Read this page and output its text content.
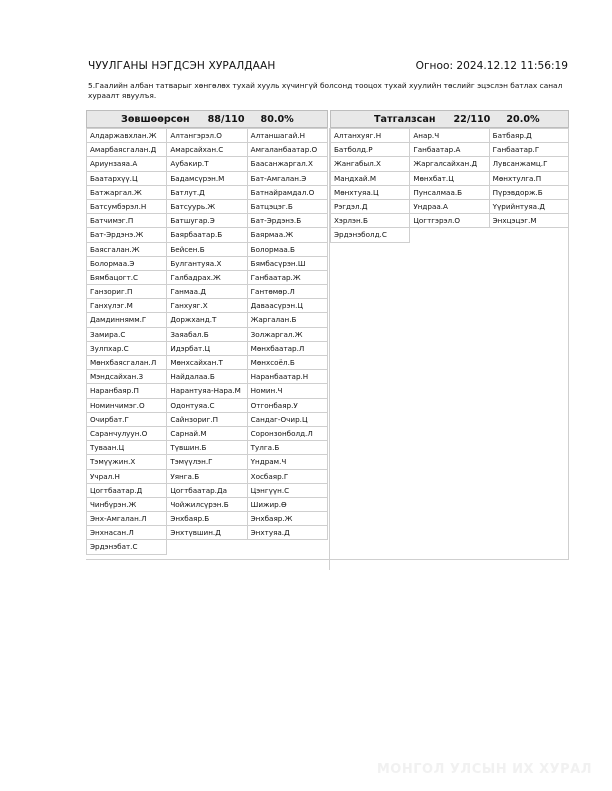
ЧУУЛГАНЫ НЭГДСЭН ХУРАЛДААН	Огноо: 2024.12.12 11:56:19
5.Гаалийн албан татварыг хөнгөлөх тухай хууль хүчингүй болсонд тооцох тухай хуулийн төслийг эцэслэн батлах санал хураалт явуулъя.
Зөвшөөрсөн 88/110 80.0%
Алдаржавхлан.Ж	Алтангэрэл.О	Алтаншагай.Н
Амарбаясгалан.Д	Амарсайхан.С	Амгаланбаатар.О
Ариунзаяа.А	Аубакир.Т	Баасанжаргал.Х
Баатархүү.Ц	Бадамсүрэн.М	Бат-Амгалан.Э
Батжаргал.Ж	Батлут.Д	Батнайрамдал.О
Батсумбэрэл.Н	Батсуурь.Ж	Батцэцэг.Б
Батчимэг.П	Батшугар.Э	Бат-Эрдэнэ.Б
Бат-Эрдэнэ.Ж	Баярбаатар.Б	Баярмаа.Ж
Баясгалан.Ж	Бейсен.Б	Болормаа.Б
Болормаа.Э	Булгантуяа.Х	Бямбасүрэн.Ш
Бямбацогт.С	Галбадрах.Ж	Ганбаатар.Ж
Ганзориг.П	Ганмаа.Д	Гантөмөр.Л
Ганхүлэг.М	Ганхуяг.Х	Даваасүрэн.Ц
Дамдиннямм.Г	Доржханд.Т	Жаргалан.Б
Замира.С	Заяабал.Б	Золжаргал.Ж
Зулпхар.С	Идэрбат.Ц	Мөнхбаатар.Л
Мөнхбаясгалан.Л	Мөнхсайхан.Т	Мөнхсоёл.Б
Мэндсайхан.З	Найдалаа.Б	Наранбаатар.Н
Наранбаяр.П	Нарантуяа-Нара.М	Номин.Ч
Номинчимэг.О	Одонтуяа.С	Отгонбаяр.У
Очирбат.Г	Сайнзориг.П	Сандаг-Очир.Ц
Саранчулуун.О	Сарнай.М	Соронзонболд.Л
Туваан.Ц	Түвшин.Б	Тулга.Б
Тэмүүжин.Х	Тэмүүлэн.Г	Үндрам.Ч
Учрал.Н	Уянга.Б	Хосбаяр.Г
Цогтбаатар.Д	Цогтбаатар.Да	Цэнгүүн.С
Чинбүрэн.Ж	Чойжилсүрэн.Б	Шижир.Ө
Энх-Амгалан.Л	Энхбаяр.Б	Энхбаяр.Ж
Энхнасан.Л	Энхтүвшин.Д	Энхтуяа.Д
Эрдэнэбат.С
Татгалзсан 22/110 20.0%
Алтанхуяг.Н	Анар.Ч	Батбаяр.Д
Батболд.Р	Ганбаатар.А	Ганбаатар.Г
Жангабыл.Х	Жаргалсайхан.Д	Лувсанжамц.Г
Мандхай.М	Мөнхбат.Ц	Мөнхтулга.П
Мөнхтуяа.Ц	Пунсалмаа.Б	Пүрэвдорж.Б
Рэгдэл.Д	Ундраа.А	Үүрийнтуяа.Д
Хэрлэн.Б	Цогтгэрэл.О	Энхцэцэг.М
Эрдэнэболд.С
МОНГОЛ УЛСЫН ИХ ХУРАЛ
